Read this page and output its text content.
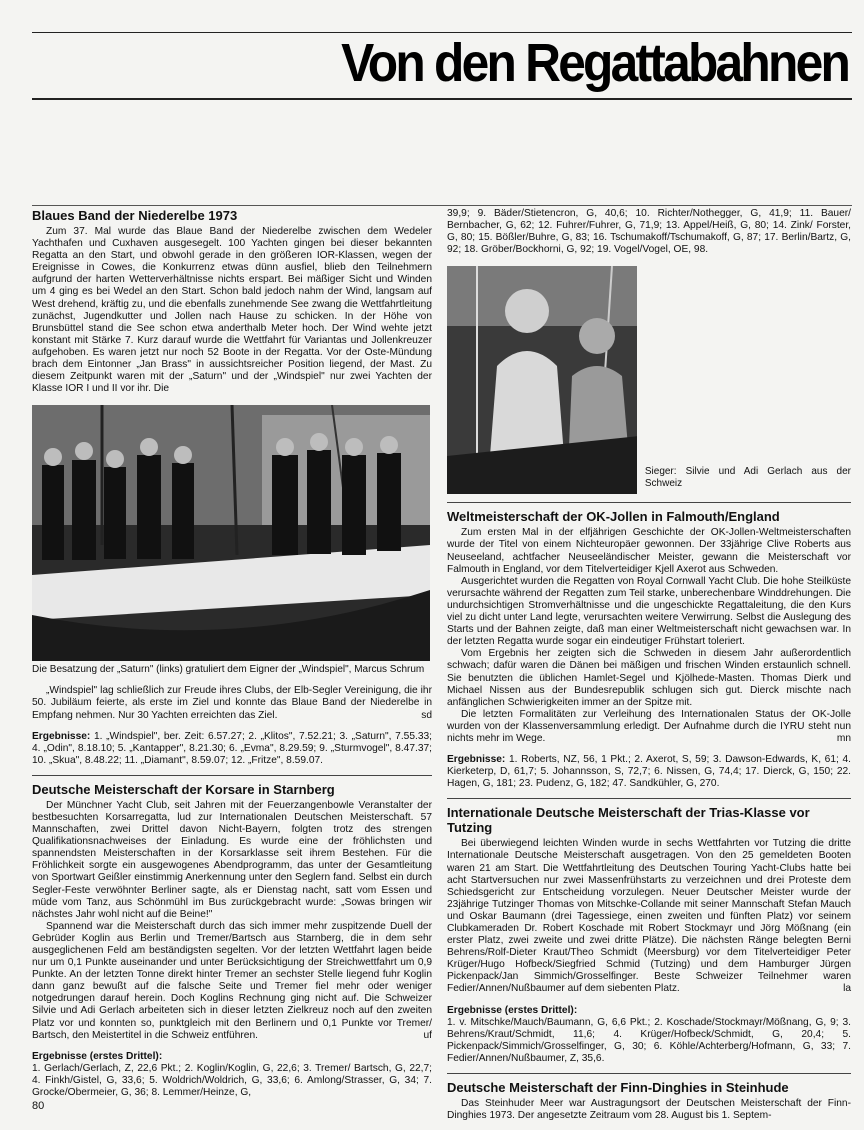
Von den Regattabahnen
Blaues Band der Niederelbe 1973

Zum 37. Mal wurde das Blaue Band der Niederelbe zwischen dem Wedeler Yachthafen und Cuxhaven ausgesegelt. 100 Yachten gingen bei dieser bekannten Regatta an den Start, und obwohl gerade in den größeren IOR-Klassen, wegen der Ereignisse in Cowes, die Konkurrenz etwas dünn ausfiel, blieb den Teilnehmern aufgrund der harten Wetterverhältnisse nichts erspart. Bei mäßiger Sicht und Winden um 4 ging es bei Wedel an den Start. Schon bald jedoch nahm der Wind, langsam auf West drehend, kräftig zu, und die ebenfalls zunehmende See zwang die Wettfahrtleitung zunächst, Jugendkutter und Jollen nach Hause zu schicken. In der Höhe von Brunsbüttel stand die See schon etwa anderthalb Meter hoch. Der Wind wehte jetzt konstant mit Stärke 7. Kurz darauf wurde die Wettfahrt für Variantas und Jollenkreuzer aufgehoben. Es waren jetzt nur noch 52 Boote in der Regatta. Vor der Oste-Mündung brach dem Eintonner „Jan Brass" in aussichtsreicher Position liegend, der Mast. Zu diesem Zeitpunkt waren mit der „Saturn" und der „Windspiel" nur zwei Yachten der Klasse IOR I und II vor ihr. Die

Die Besatzung der „Saturn" (links) gratuliert dem Eigner der „Windspiel", Marcus Schrum

„Windspiel" lag schließlich zur Freude ihres Clubs, der Elb-Segler Vereinigung, die ihr 50. Jubiläum feierte, als erste im Ziel und konnte das Blaue Band der Niederelbe in Empfang nehmen. Nur 30 Yachten erreichten das Ziel.	sd

Ergebnisse: 1. „Windspiel", ber. Zeit: 6.57.27; 2. „Klitos", 7.52.21; 3. „Saturn", 7.55.33; 4. „Odin", 8.18.10; 5. „Kantapper", 8.21.30; 6. „Evma", 8.29.59; 9. „Sturmvogel", 8.47.37; 10. „Skua", 8.48.22; 11. „Diamant", 8.59.07; 12. „Fritze", 8.59.07.

Deutsche Meisterschaft der Korsare in Starnberg

Der Münchner Yacht Club, seit Jahren mit der Feuerzangenbowle Veranstalter der bestbesuchten Korsarregatta, lud zur Internationalen Deutschen Meisterschaft. 57 Mannschaften, zwei Drittel davon Nicht-Bayern, folgten trotz des strengen Qualifikationsnachweises der Einladung. Es wurde eine der fröhlichsten und spannendsten Meisterschaften in der Korsarklasse seit ihrem Bestehen. Für die Fröhlichkeit sorgte ein ausgewogenes Abendprogramm, das unter der Gesamtleitung von Sportwart Geißler einstimmig Anerkennung unter den Seglern fand. Selbst ein durch Segler-Feste verwöhnter Berliner sagte, als er Dienstag nacht, satt vom Essen und müde vom Tanz, aus Schönmühl im Bus zurückgebracht wurde: „Sowas bringen wir nächstes Jahr wohl nicht auf die Beine!"

Spannend war die Meisterschaft durch das sich immer mehr zuspitzende Duell der Gebrüder Koglin aus Berlin und Tremer/Bartsch aus Starnberg, die in dem sehr ausgeglichenen Feld am beständigsten segelten. Vor der letzten Wettfahrt lagen beide nur um 0,1 Punkte auseinander und unter Berücksichtigung der Streichwettfahrt um 0,9 Punkte. An der letzten Tonne direkt hinter Tremer an sechster Stelle liegend fuhr Koglin dann ganz bewußt auf die falsche Seite und Tremer fiel mehr oder weniger notgedrungen darauf herein. Doch Koglins Rechnung ging nicht auf. Die Schweizer Silvie und Adi Gerlach arbeiteten sich in dieser letzten Zielkreuz noch auf den zweiten Platz vor und konnten so, punktgleich mit den Berlinern und 0,1 Punkte vor Tremer/ Bartsch, den Meistertitel in die Schweiz entführen.	uf

Ergebnisse (erstes Drittel):

1. Gerlach/Gerlach, Z, 22,6 Pkt.; 2. Koglin/Koglin, G, 22,6; 3. Tremer/ Bartsch, G, 22,7; 4. Finkh/Gistel, G, 33,6; 5. Woldrich/Woldrich, G, 33,6; 6. Amlong/Strasser, G, 34; 7. Grocke/Obermeier, G, 36; 8. Lemmer/Heinze, G,

39,9; 9. Bäder/Stietencron, G, 40,6; 10. Richter/Nothegger, G, 41,9; 11. Bauer/ Bernbacher, G, 62; 12. Fuhrer/Fuhrer, G, 71,9; 13. Appel/Heiß, G, 80; 14. Zink/ Forster, G, 80; 15. Bößler/Buhre, G, 83; 16. Tschumakoff/Tschumakoff, G, 87; 17. Berlin/Bartz, G, 92; 18. Gröber/Bockhorni, G, 92; 19. Vogel/Vogel, OE, 98.

Sieger: Silvie und Adi Gerlach aus der Schweiz

Weltmeisterschaft der OK-Jollen in Falmouth/England

Zum ersten Mal in der elfjährigen Geschichte der OK-Jollen-Weltmeisterschaften wurde der Titel von einem Nichteuropäer gewonnen. Der 33jährige Clive Roberts aus Neuseeland, achtfacher Neuseeländischer Meister, gewann die Meisterschaft vor Falmouth in England, vor dem Titelverteidiger Kjell Axerot aus Schweden.

Ausgerichtet wurden die Regatten von Royal Cornwall Yacht Club. Die hohe Steilküste verursachte während der Regatten zum Teil starke, unberechenbare Winddrehungen. Die undurchsichtigen Stromverhältnisse und die ungeschickte Regattaleitung, die den Kurs viel zu dicht unter Land legte, verursachten weitere Verwirrung. Selbst die Auslegung des Starts und der Bahnen zeigte, daß man einer Weltmeisterschaft nicht gewachsen war. In der letzten Regatta wurde sogar ein eindeutiger Frühstart toleriert.

Vom Ergebnis her zeigten sich die Schweden in diesem Jahr außerordentlich schwach; dafür waren die Dänen bei mäßigen und frischen Winden erstaunlich schnell. Sie benutzten die üblichen Hamlet-Segel und Kjölhede-Masten. Thomas Dierk und Michael Nissen aus der Bundesrepublik schlugen sich gut. Dierck mischte nach anfänglichen Schwierigkeiten immer an der Spitze mit.

Die letzten Formalitäten zur Verleihung des Internationalen Status der OK-Jolle wurden von der Klassenversammlung erledigt. Der Aufnahme durch die IYRU steht nun nichts mehr im Wege.	mn

Ergebnisse: 1. Roberts, NZ, 56, 1 Pkt.; 2. Axerot, S, 59; 3. Dawson-Edwards, K, 61; 4. Kierketerp, D, 61,7; 5. Johannsson, S, 72,7; 6. Nissen, G, 74,4; 17. Dierck, G, 150; 22. Hagen, G, 181; 23. Pudenz, G, 182; 47. Sandkühler, G, 270.

Internationale Deutsche Meisterschaft der Trias-Klasse vor Tutzing

Bei überwiegend leichten Winden wurde in sechs Wettfahrten vor Tutzing die dritte Internationale Deutsche Meisterschaft ausgetragen. Von den 25 gemeldeten Booten waren 21 am Start. Die Wettfahrtleitung des Deutschen Touring Yacht-Clubs hatte bei acht Startversuchen nur zwei Massenfrühstarts zu verzeichnen und drei Proteste dem Schiedsgericht zur Entscheidung vorzulegen. Neuer Deutscher Meister wurde der 23jährige Tutzinger Thomas von Mitschke-Collande mit seiner Mannschaft Stefan Mauch und Oskar Baumann (drei Tagessiege, einen zweiten und fünften Platz) vor seinem Clubkameraden Dr. Robert Koschade mit Robert Stockmayr und Jörg Mößnang (ein erster Platz, zwei zweite und zwei dritte Plätze). Die nächsten Ränge belegten Berni Behrens/Rolf-Dieter Kraut/Theo Schmidt (Meersburg) vor dem Titelverteidiger Peter Krüger/Hugo Hofbeck/Siegfried Schmid (Tutzing) und dem Hamburger Jürgen Pickenpack/Jan Simmich/Grosselfinger. Beste Schweizer Teilnehmer waren Fedier/Annen/Nußbaumer auf dem siebenten Platz.	la

Ergebnisse (erstes Drittel):

1. v. Mitschke/Mauch/Baumann, G, 6,6 Pkt.; 2. Koschade/Stockmayr/Mößnang, G, 9; 3. Behrens/Kraut/Schmidt, 11,6; 4. Krüger/Hofbeck/Schmidt, G, 20,4; 5. Pickenpack/Simmich/Grosselfinger, G, 30; 6. Köhle/Achterberg/Hofmann, G, 33; 7. Fedier/Annen/Nußbaumer, Z, 35,6.

Deutsche Meisterschaft der Finn-Dinghies in Steinhude

Das Steinhuder Meer war Austragungsort der Deutschen Meisterschaft der Finn-Dinghies 1973. Der angesetzte Zeitraum vom 28. August bis 1. Septem-

80
